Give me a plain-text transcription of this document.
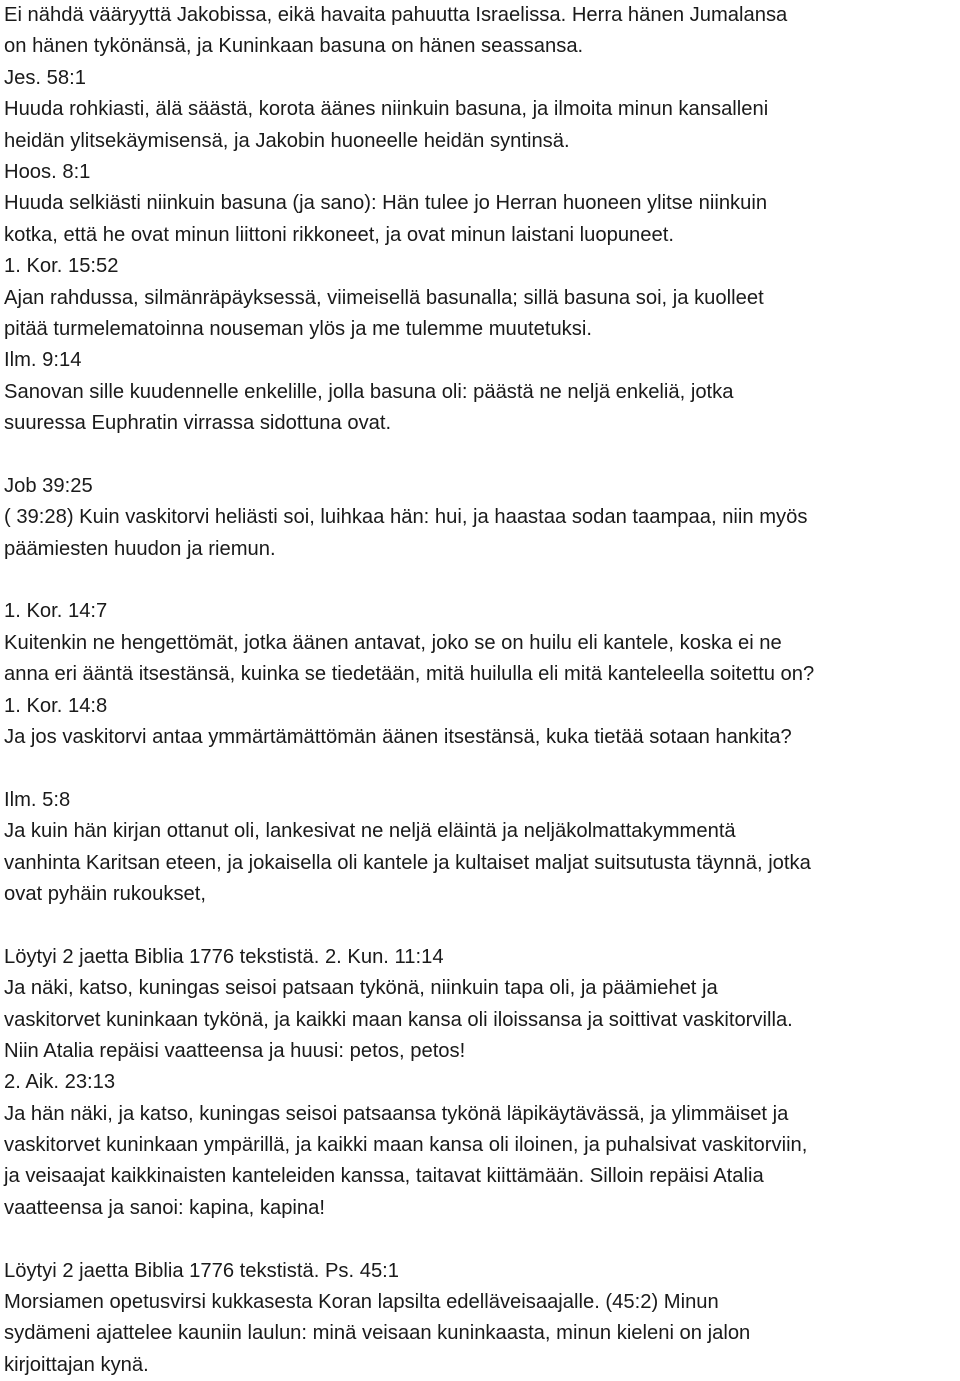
Ei nähdä vääryyttä Jakobissa, eikä havaita pahuutta Israelissa. Herra hänen Jumalansa
on hänen tykönänsä, ja Kuninkaan basuna on hänen seassansa.
Jes. 58:1
Huuda rohkiasti, älä säästä, korota äänes niinkuin basuna, ja ilmoita minun kansalleni
heidän ylitsekäymisensä, ja Jakobin huoneelle heidän syntinsä.
Hoos. 8:1
Huuda selkiästi niinkuin basuna (ja sano): Hän tulee jo Herran huoneen ylitse niinkuin
kotka, että he ovat minun liittoni rikkoneet, ja ovat minun laistani luopuneet.
1. Kor. 15:52
Ajan rahdussa, silmänräpäyksessä, viimeisellä basunalla; sillä basuna soi, ja kuolleet
pitää turmelematoinna nouseman ylös ja me tulemme muutetuksi.
Ilm. 9:14
Sanovan sille kuudennelle enkelille, jolla basuna oli: päästä ne neljä enkeliä, jotka
suuressa Euphratin virrassa sidottuna ovat.
Job 39:25
( 39:28) Kuin vaskitorvi heliästi soi, luihkaa hän: hui, ja haastaa sodan taampaa, niin myös
päämiesten huudon ja riemun.
1. Kor. 14:7
Kuitenkin ne hengettömät, jotka äänen antavat, joko se on huilu eli kantele, koska ei ne
anna eri ääntä itsestänsä, kuinka se tiedetään, mitä huilulla eli mitä kanteleella soitettu on?
1. Kor. 14:8
Ja jos vaskitorvi antaa ymmärtämättömän äänen itsestänsä, kuka tietää sotaan hankita?
Ilm. 5:8
Ja kuin hän kirjan ottanut oli, lankesivat ne neljä eläintä ja neljäkolmattakymmentä
vanhinta Karitsan eteen, ja jokaisella oli kantele ja kultaiset maljat suitsutusta täynnä, jotka
ovat pyhäin rukoukset,
Löytyi 2 jaetta Biblia 1776 tekstistä. 2. Kun. 11:14
Ja näki, katso, kuningas seisoi patsaan tykönä, niinkuin tapa oli, ja päämiehet ja
vaskitorvet kuninkaan tykönä, ja kaikki maan kansa oli iloissansa ja soittivat vaskitorvilla.
Niin Atalia repäisi vaatteensa ja huusi: petos, petos!
2. Aik. 23:13
Ja hän näki, ja katso, kuningas seisoi patsaansa tykönä läpikäytävässä, ja ylimmäiset ja
vaskitorvet kuninkaan ympärillä, ja kaikki maan kansa oli iloinen, ja puhalsivat vaskitorviin,
ja veisaajat kaikkinaisten kanteleiden kanssa, taitavat kiittämään. Silloin repäisi Atalia
vaatteensa ja sanoi: kapina, kapina!
Löytyi 2 jaetta Biblia 1776 tekstistä. Ps. 45:1
Morsiamen opetusvirsi kukkasesta Koran lapsilta edelläveisaajalle. (45:2) Minun
sydämeni ajattelee kauniin laulun: minä veisaan kuninkaasta, minun kieleni on jalon
kirjoittajan kynä.
